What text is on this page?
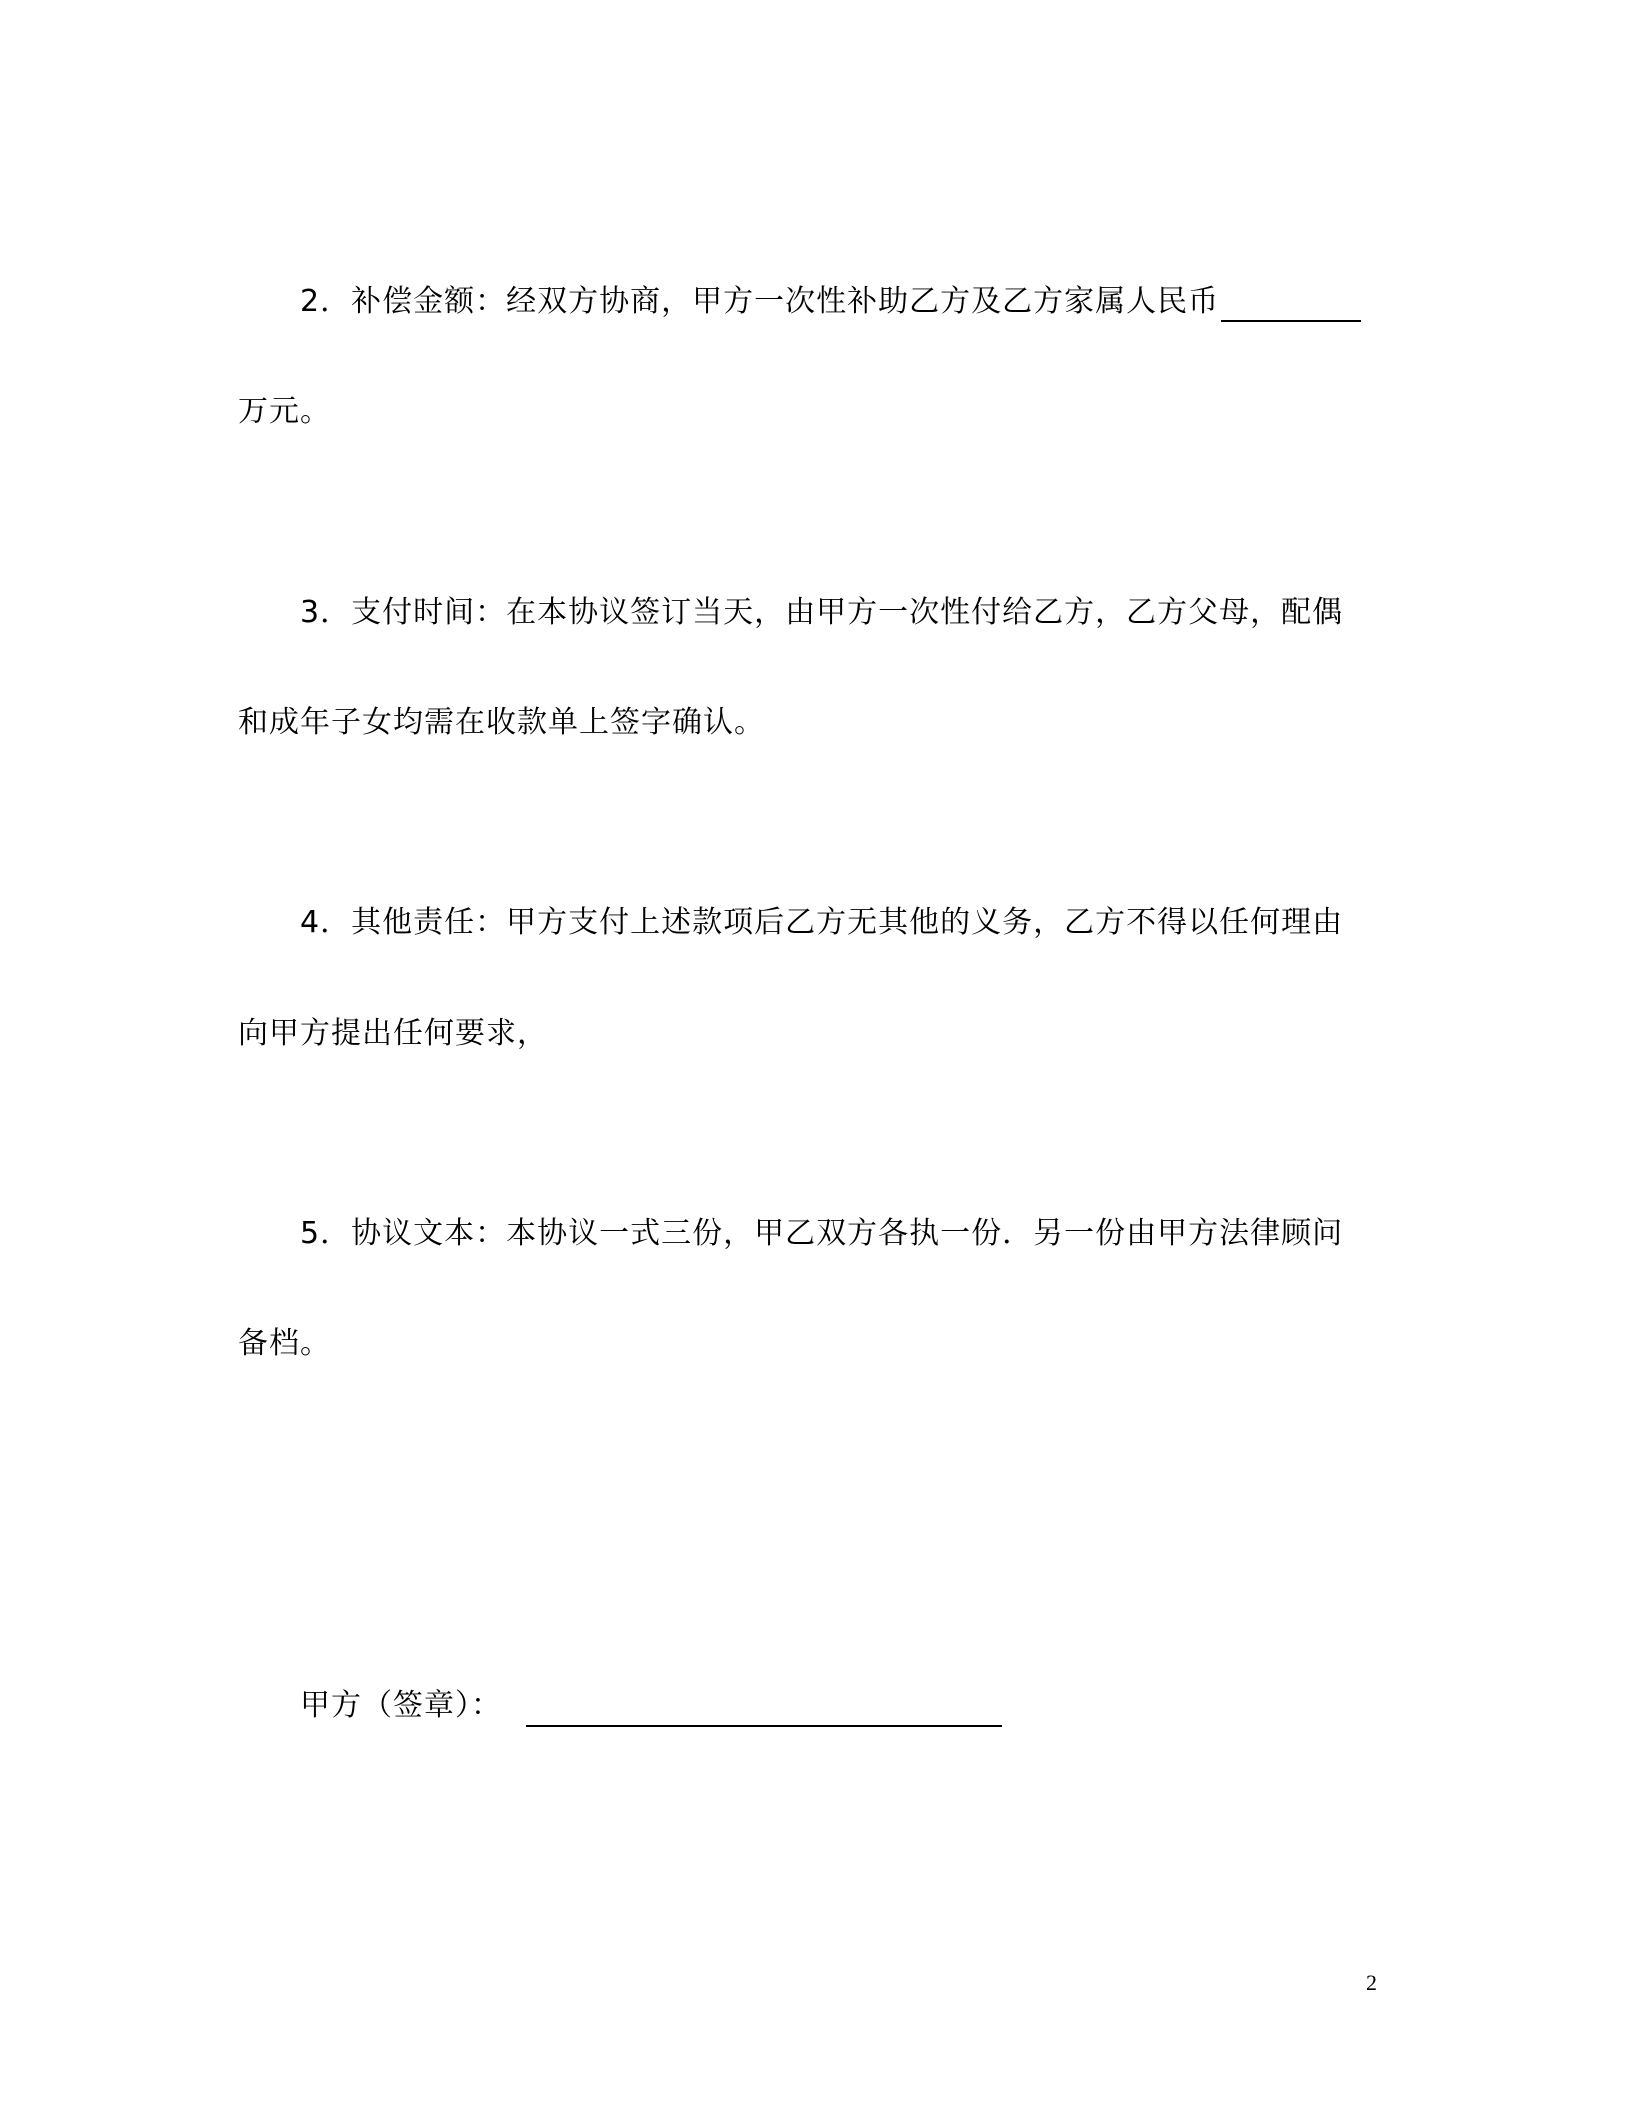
2．补偿金额：经双方协商，甲方一次性补助乙方及乙方家属人民币
万元。
3．支付时间：在本协议签订当天，由甲方一次性付给乙方，乙方父母，配偶
和成年子女均需在收款单上签字确认。
4．其他责任：甲方支付上述款项后乙方无其他的义务，乙方不得以任何理由
向甲方提出任何要求，
5．协议文本：本协议一式三份，甲乙双方各执一份．另一份由甲方法律顾问
备档。
甲方（签章）：
2
